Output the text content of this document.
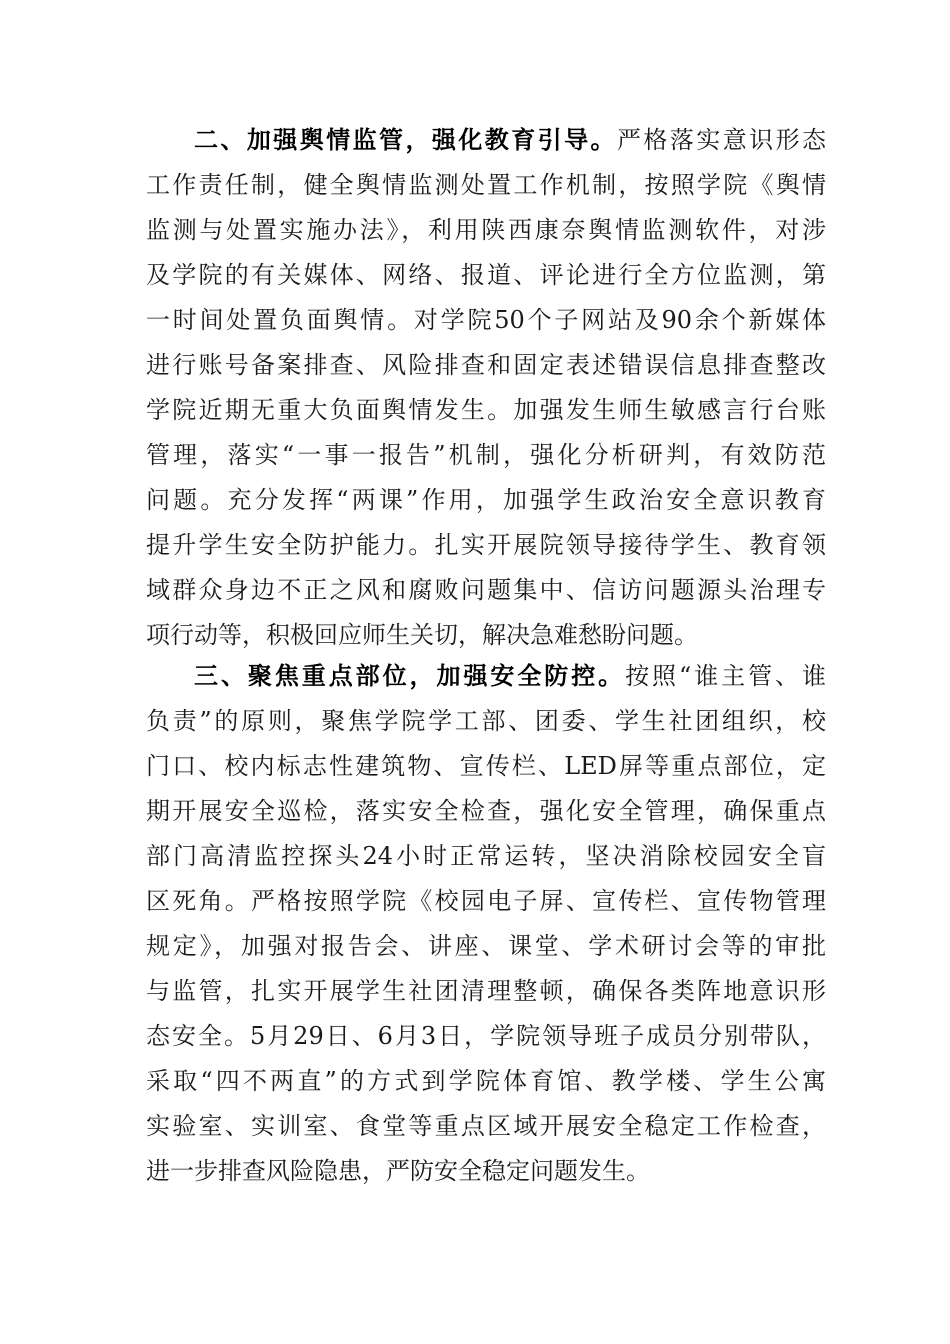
二、加强舆情监管，强化教育引导。严格落实意识形态
工作责任制，健全舆情监测处置工作机制，按照学院《舆情
监测与处置实施办法》，利用陕西康奈舆情监测软件，对涉
及学院的有关媒体、网络、报道、评论进行全方位监测，第
一时间处置负面舆情。对学院50个子网站及90余个新媒体
进行账号备案排查、风险排查和固定表述错误信息排查整改
学院近期无重大负面舆情发生。加强发生师生敏感言行台账
管理，落实“一事一报告”机制，强化分析研判，有效防范
问题。充分发挥“两课”作用，加强学生政治安全意识教育
提升学生安全防护能力。扎实开展院领导接待学生、教育领
域群众身边不正之风和腐败问题集中、信访问题源头治理专
项行动等，积极回应师生关切，解决急难愁盼问题。
三、聚焦重点部位，加强安全防控。按照“谁主管、谁
负责”的原则，聚焦学院学工部、团委、学生社团组织，校
门口、校内标志性建筑物、宣传栏、LED屏等重点部位，定
期开展安全巡检，落实安全检查，强化安全管理，确保重点
部门高清监控探头24小时正常运转，坚决消除校园安全盲
区死角。严格按照学院《校园电子屏、宣传栏、宣传物管理
规定》，加强对报告会、讲座、课堂、学术研讨会等的审批
与监管，扎实开展学生社团清理整顿，确保各类阵地意识形
态安全。5月29日、6月3日，学院领导班子成员分别带队，
采取“四不两直”的方式到学院体育馆、教学楼、学生公寓
实验室、实训室、食堂等重点区域开展安全稳定工作检查，
进一步排查风险隐患，严防安全稳定问题发生。
